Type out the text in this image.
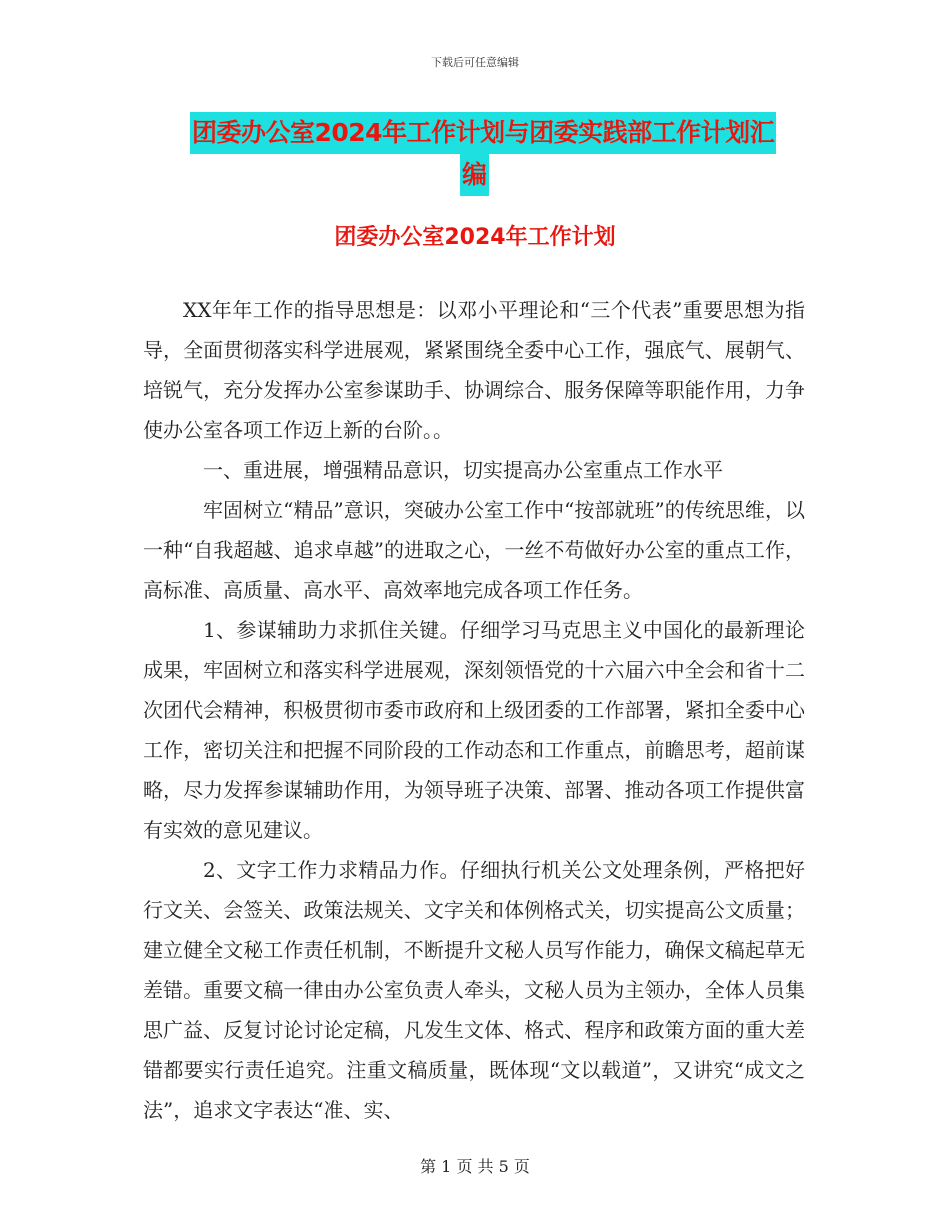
下载后可任意编辑
团委办公室2024年工作计划与团委实践部工作计划汇
编
团委办公室2024年工作计划

XX年年工作的指导思想是：以邓小平理论和“三个代表”重要思想为指导，全面贯彻落实科学进展观，紧紧围绕全委中心工作，强底气、展朝气、培锐气，充分发挥办公室参谋助手、协调综合、服务保障等职能作用，力争使办公室各项工作迈上新的台阶。。

一、重进展，增强精品意识，切实提高办公室重点工作水平

牢固树立“精品”意识，突破办公室工作中“按部就班”的传统思维，以一种“自我超越、追求卓越”的进取之心，一丝不苟做好办公室的重点工作，高标准、高质量、高水平、高效率地完成各项工作任务。

1、参谋辅助力求抓住关键。仔细学习马克思主义中国化的最新理论成果，牢固树立和落实科学进展观，深刻领悟党的十六届六中全会和省十二次团代会精神，积极贯彻市委市政府和上级团委的工作部署，紧扣全委中心工作，密切关注和把握不同阶段的工作动态和工作重点，前瞻思考，超前谋略，尽力发挥参谋辅助作用，为领导班子决策、部署、推动各项工作提供富有实效的意见建议。

2、文字工作力求精品力作。仔细执行机关公文处理条例，严格把好行文关、会签关、政策法规关、文字关和体例格式关，切实提高公文质量；建立健全文秘工作责任机制，不断提升文秘人员写作能力，确保文稿起草无差错。重要文稿一律由办公室负责人牵头，文秘人员为主领办，全体人员集思广益、反复讨论讨论定稿，凡发生文体、格式、程序和政策方面的重大差错都要实行责任追究。注重文稿质量，既体现“文以载道”，又讲究“成文之法”，追求文字表达“准、实、

第 1 页 共 5 页
